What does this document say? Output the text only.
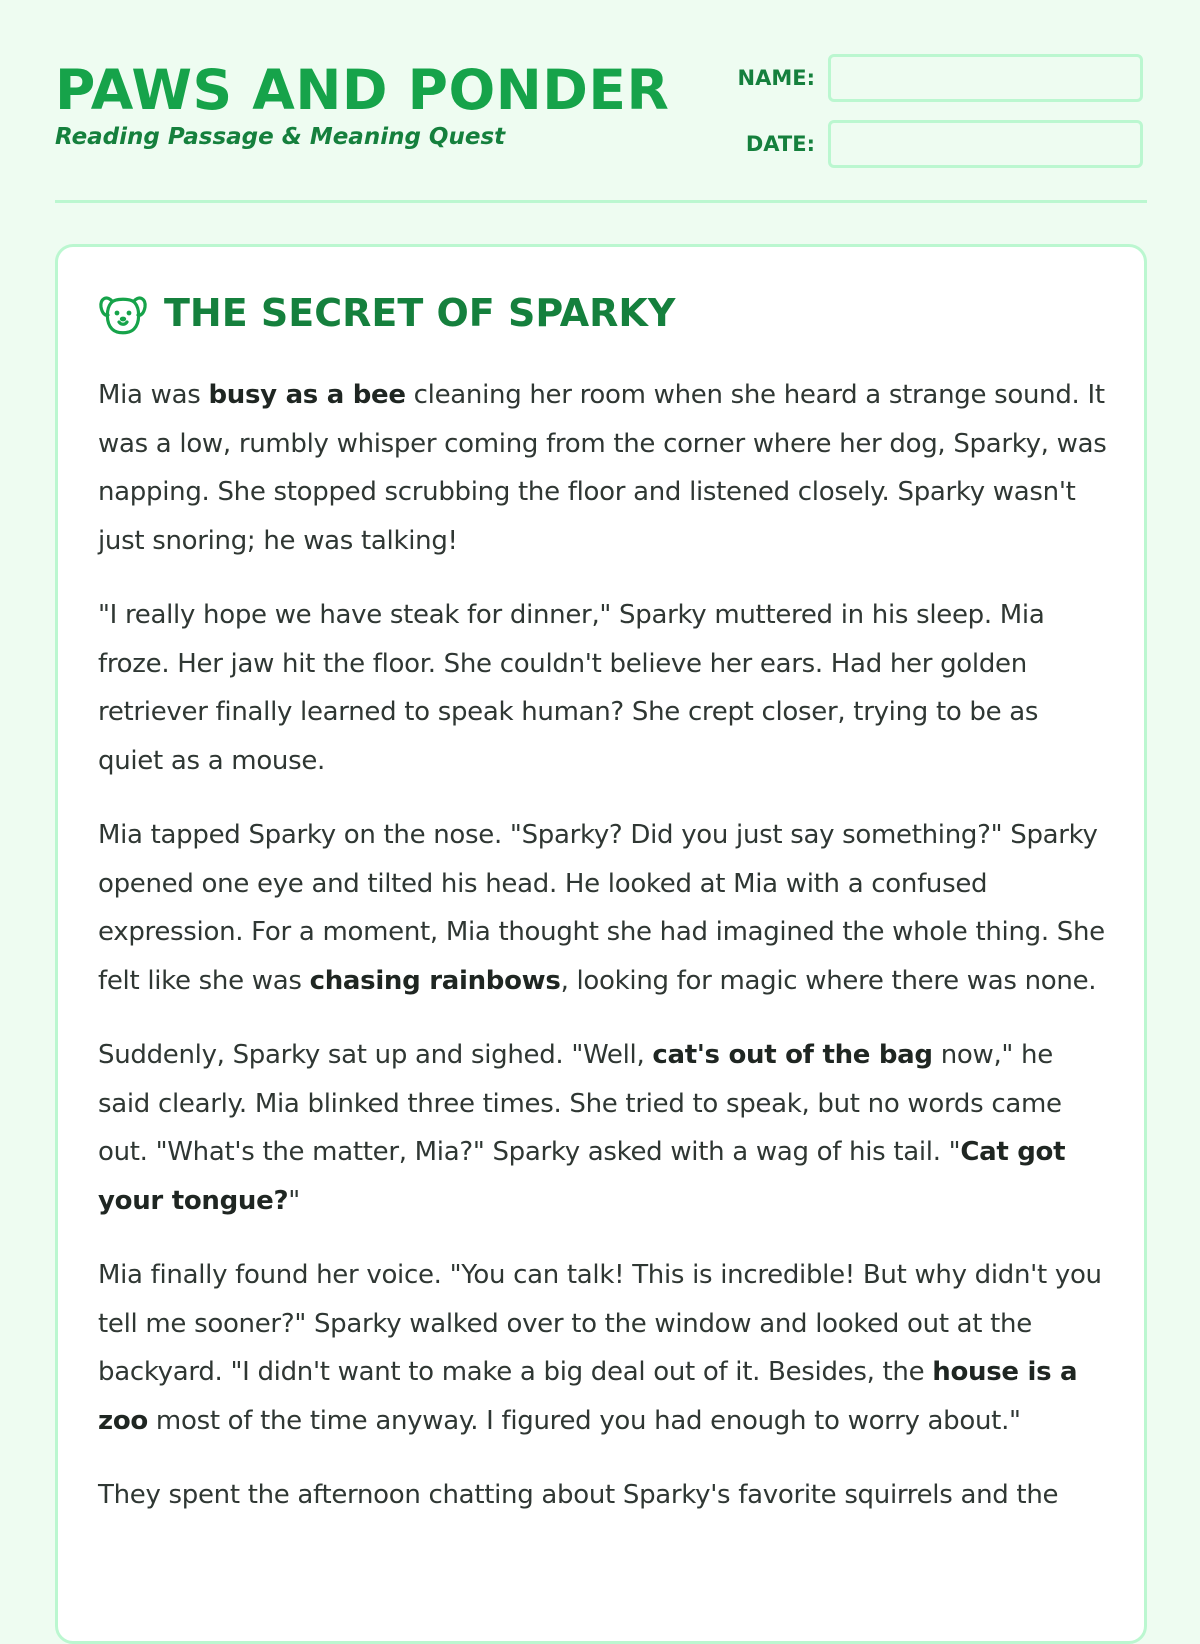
PAWS AND PONDER
Reading Passage & Meaning Quest
NAME:
DATE:
THE SECRET OF SPARKY

Mia was busy as a bee cleaning her room when she heard a strange sound. It was a low, rumbly whisper coming from the corner where her dog, Sparky, was napping. She stopped scrubbing the floor and listened closely. Sparky wasn't just snoring; he was talking!

"I really hope we have steak for dinner," Sparky muttered in his sleep. Mia froze. Her jaw hit the floor. She couldn't believe her ears. Had her golden retriever finally learned to speak human? She crept closer, trying to be as quiet as a mouse.

Mia tapped Sparky on the nose. "Sparky? Did you just say something?" Sparky opened one eye and tilted his head. He looked at Mia with a confused expression. For a moment, Mia thought she had imagined the whole thing. She felt like she was chasing rainbows, looking for magic where there was none.

Suddenly, Sparky sat up and sighed. "Well, cat's out of the bag now," he said clearly. Mia blinked three times. She tried to speak, but no words came out. "What's the matter, Mia?" Sparky asked with a wag of his tail. "Cat got your tongue?"

Mia finally found her voice. "You can talk! This is incredible! But why didn't you tell me sooner?" Sparky walked over to the window and looked out at the backyard. "I didn't want to make a big deal out of it. Besides, the house is a zoo most of the time anyway. I figured you had enough to worry about."

They spent the afternoon chatting about Sparky's favorite squirrels and the
